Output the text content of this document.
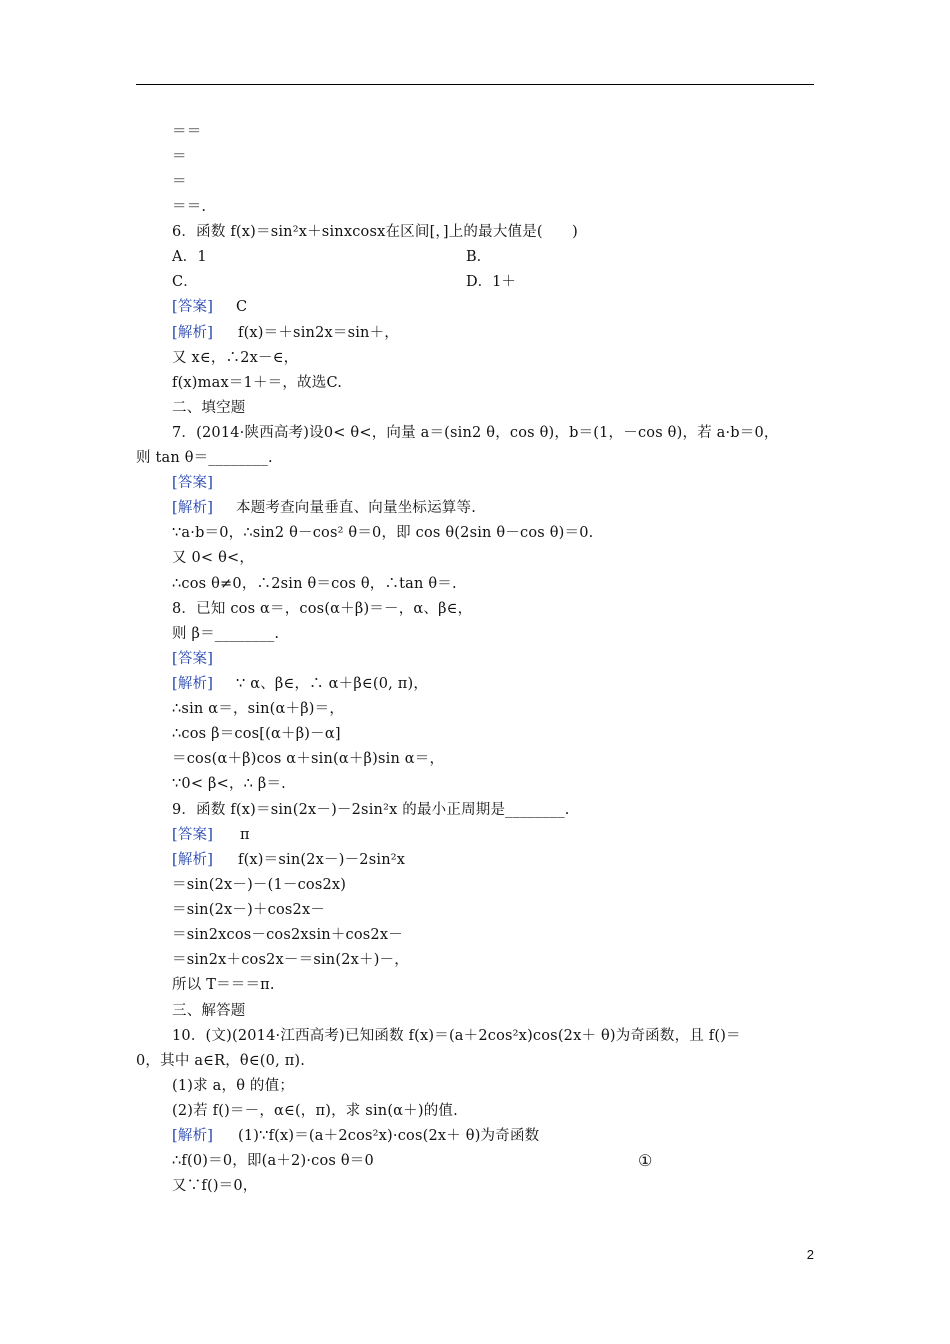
＝＝
＝
＝
＝＝.
6．函数 f(x)＝sin²x＋sinxcosx在区间[，]上的最大值是(　　)
A．1
C．
[答案] C
[解析] f(x)＝＋sin2x＝sin＋，
又 x∈，∴2x－∈，
f(x)max＝1＋＝，故选C.
二、填空题
7．(2014·陕西高考)设0< θ<，向量 a＝(sin2 θ，cos θ)，b＝(1，－cos θ)，若 a·b＝0，
则 tan θ＝________.
[答案]
[解析] 本题考查向量垂直、向量坐标运算等.
∵a·b＝0，∴sin2 θ－cos² θ＝0，即 cos θ(2sin θ－cos θ)＝0.
又 0< θ<，
∴cos θ≠0，∴2sin θ＝cos θ，∴tan θ＝.
8．已知 cos α＝，cos(α＋β)＝－，α、β∈，
则 β＝________.
[答案]
[解析] ∵ α、β∈，∴ α＋β∈(0, π)，
∴sin α＝，sin(α＋β)＝，
∴cos β＝cos[(α＋β)－α]
＝cos(α＋β)cos α＋sin(α＋β)sin α＝，
∵0< β<，∴ β＝.
9．函数 f(x)＝sin(2x－)－2sin²x 的最小正周期是________.
[答案] π
[解析] f(x)＝sin(2x－)－2sin²x
＝sin(2x－)－(1－cos2x)
＝sin(2x－)＋cos2x－
＝sin2xcos－cos2xsin＋cos2x－
＝sin2x＋cos2x－＝sin(2x＋)－，
所以 T＝＝＝π.
三、解答题
10．(文)(2014·江西高考)已知函数 f(x)＝(a＋2cos²x)cos(2x＋ θ)为奇函数，且 f()＝
0，其中 a∈R，θ∈(0, π).
(1)求 a，θ 的值；
(2)若 f()＝－，α∈(，π)，求 sin(α＋)的值.
[解析] (1)∵f(x)＝(a＋2cos²x)·cos(2x＋ θ)为奇函数
∴f(0)＝0，即(a＋2)·cos θ＝0
又∵f()＝0，
B．
D．1＋
①
2
